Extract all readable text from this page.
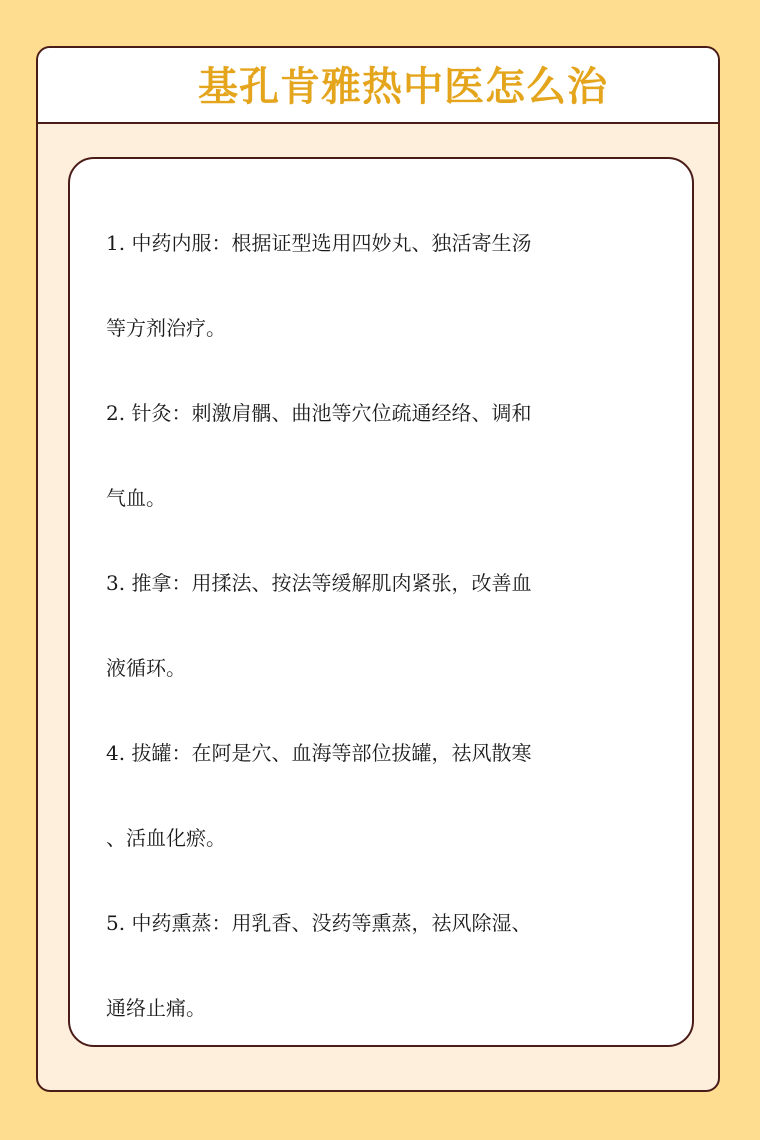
基孔肯雅热中医怎么治
1. 中药内服：根据证型选用四妙丸、独活寄生汤
等方剂治疗。
2. 针灸：刺激肩髃、曲池等穴位疏通经络、调和
气血。
3. 推拿：用揉法、按法等缓解肌肉紧张，改善血
液循环。
4. 拔罐：在阿是穴、血海等部位拔罐，祛风散寒
、活血化瘀。
5. 中药熏蒸：用乳香、没药等熏蒸，祛风除湿、
通络止痛。
